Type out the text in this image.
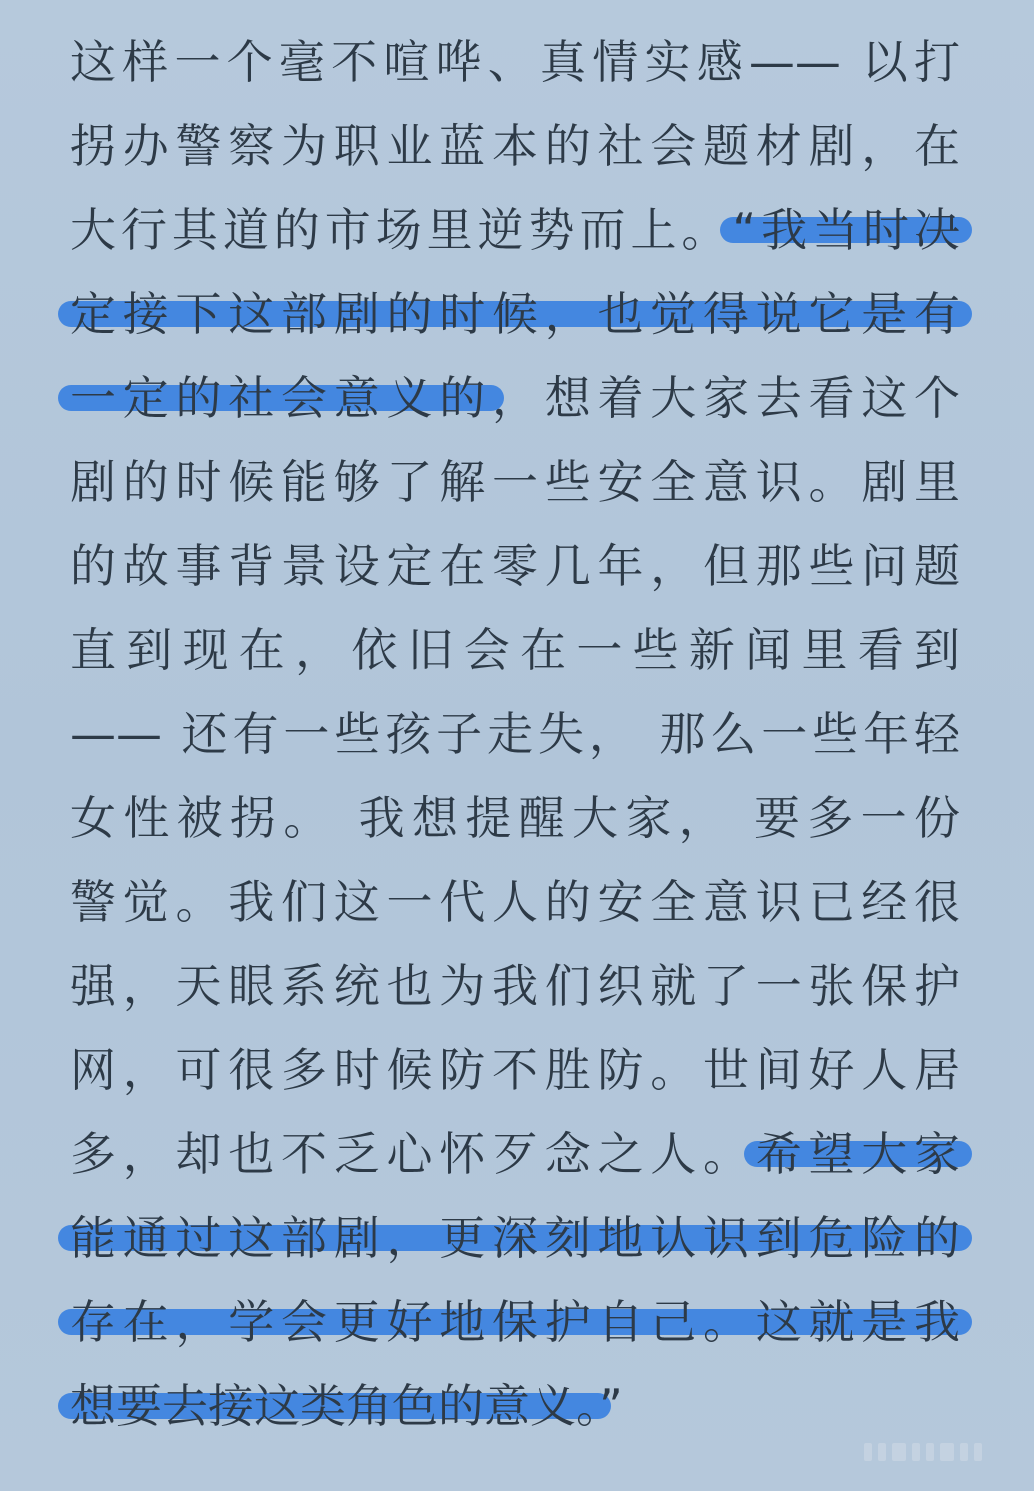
这样一个毫不喧哗、真情实感—— 以打
拐办警察为职业蓝本的社会题材剧，在
大行其道的市场里逆势而上。“我当时决
定接下这部剧的时候，也觉得说它是有
一定的社会意义的，想着大家去看这个
剧的时候能够了解一些安全意识。剧里
的故事背景设定在零几年，但那些问题
直到现在，依旧会在一些新闻里看到
—— 还有一些孩子走失， 那么一些年轻
女性被拐。 我想提醒大家， 要多一份
警觉。我们这一代人的安全意识已经很
强，天眼系统也为我们织就了一张保护
网，可很多时候防不胜防。世间好人居
多，却也不乏心怀歹念之人。希望大家
能通过这部剧，更深刻地认识到危险的
存在，学会更好地保护自己。这就是我
想要去接这类角色的意义。”
